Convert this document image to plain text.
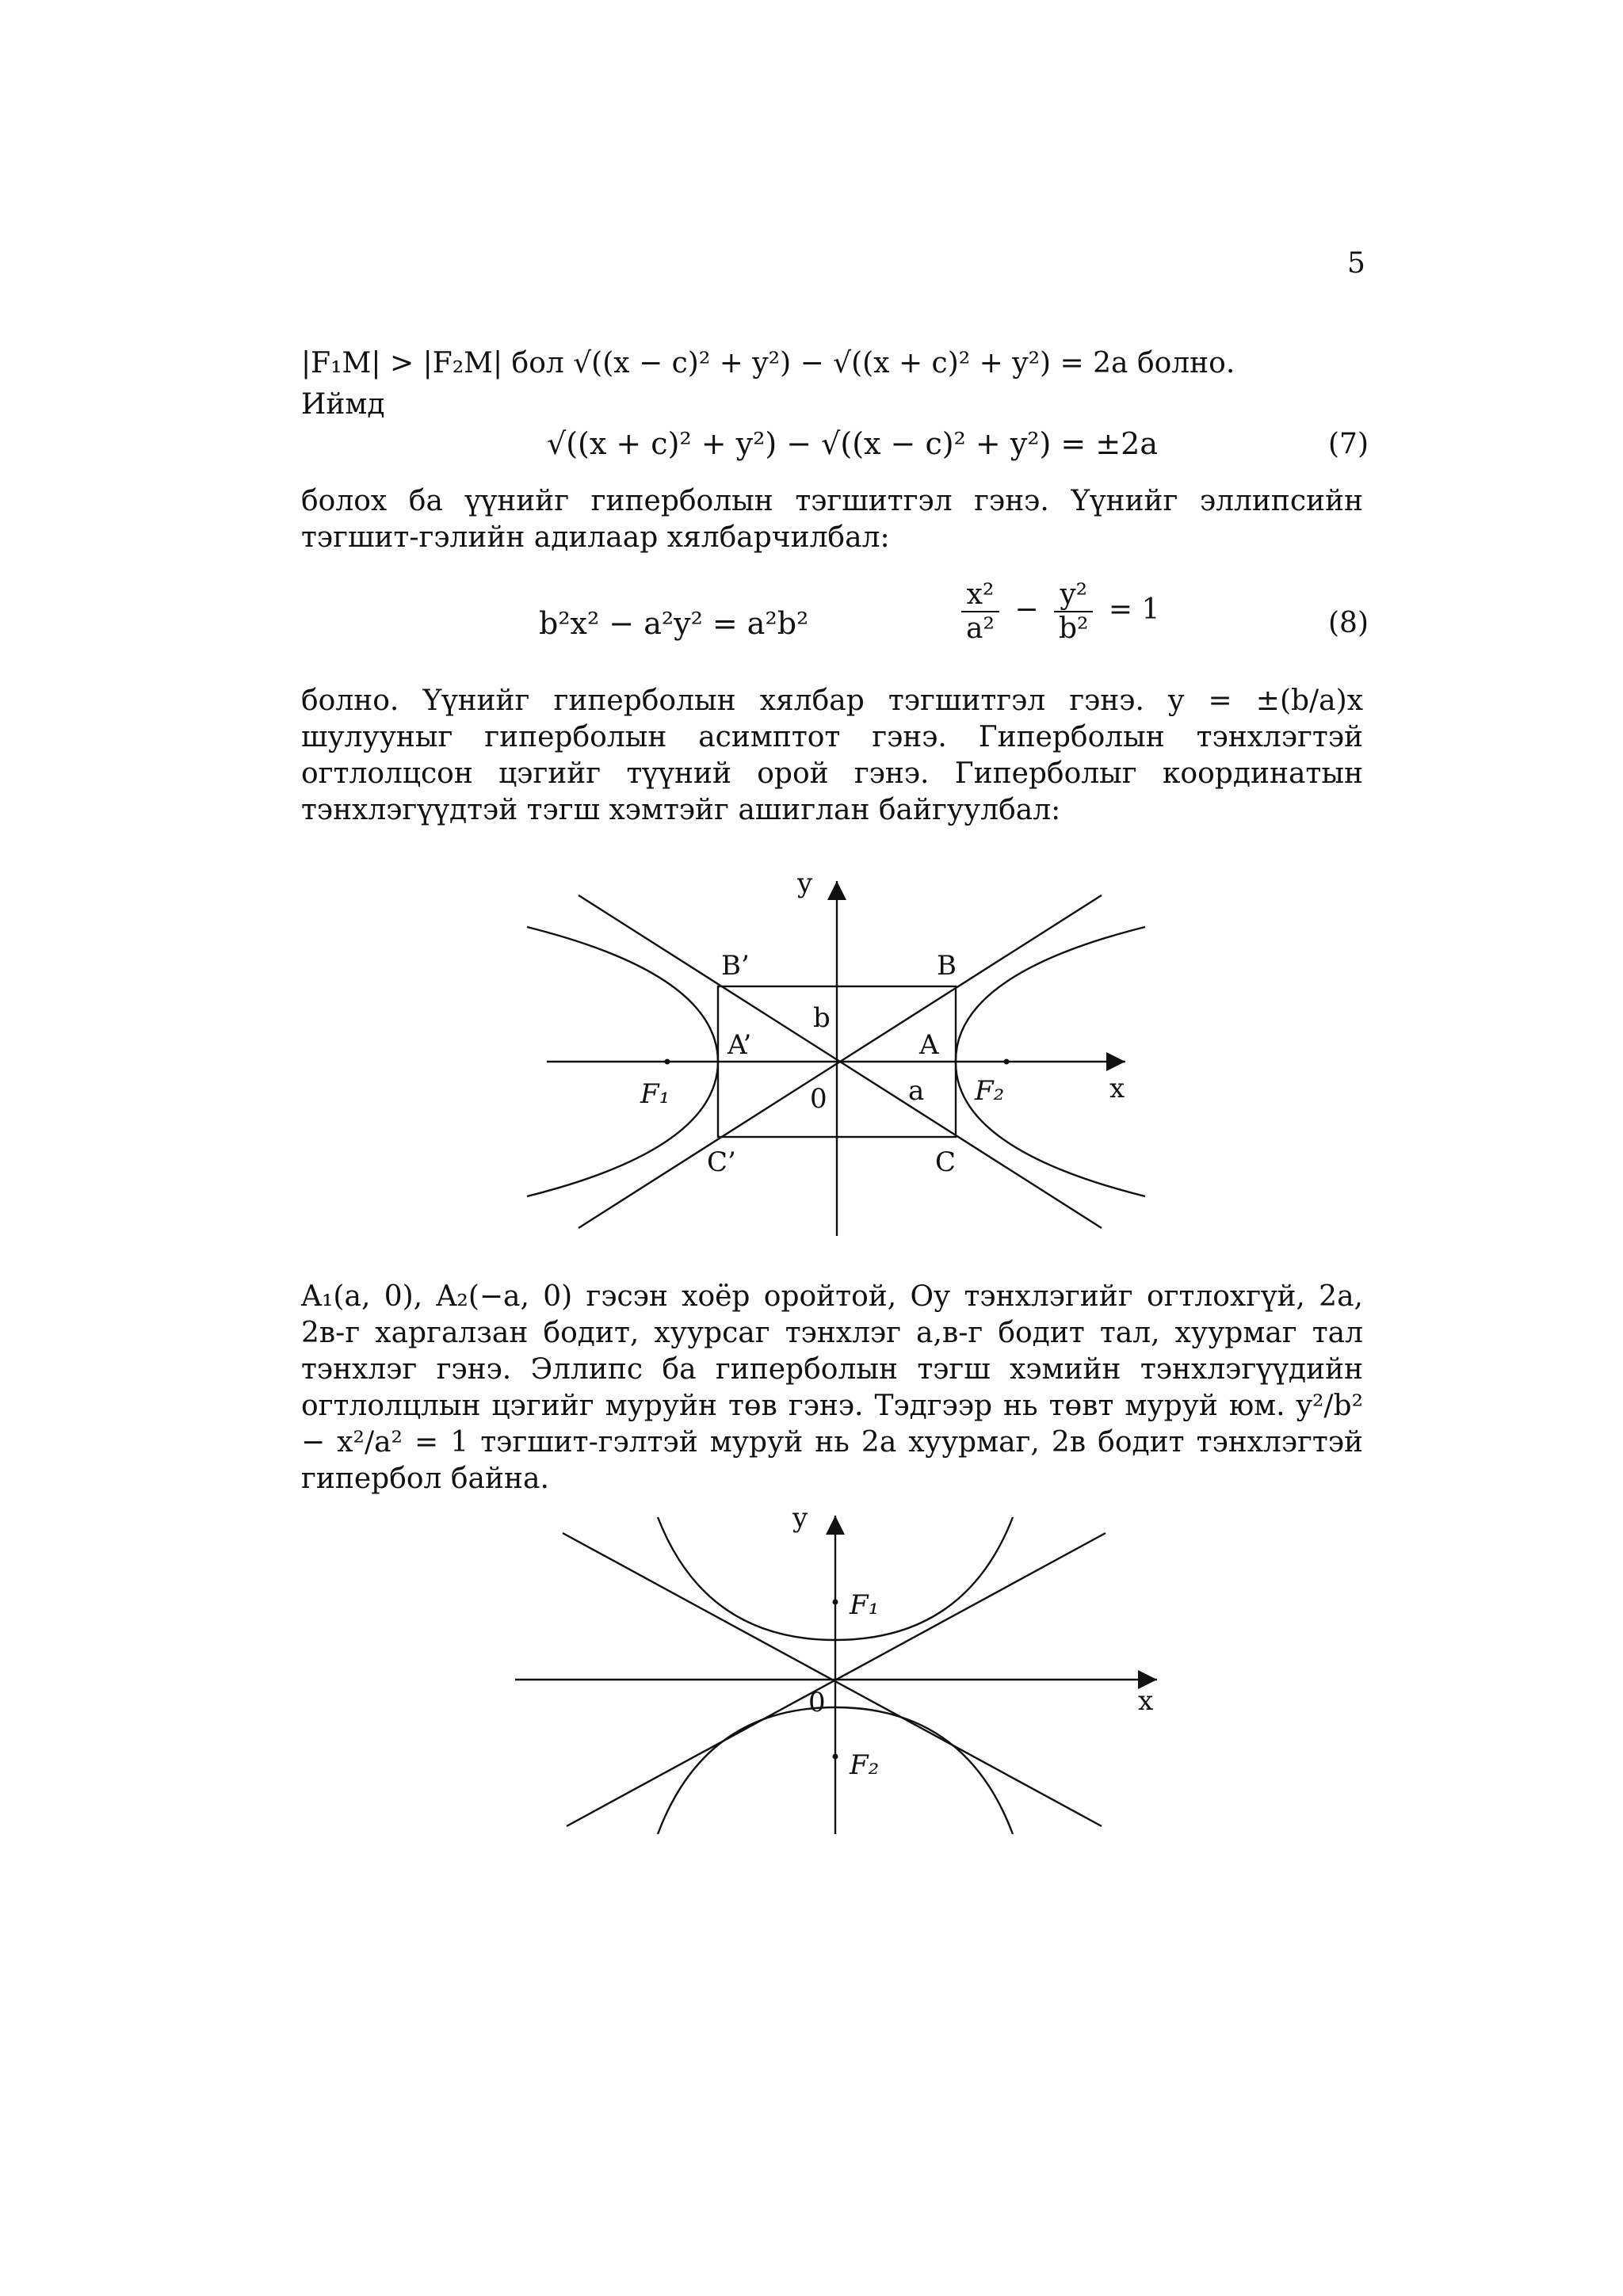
5
|F₁M| > |F₂M| бол √((x − c)² + y²) − √((x + c)² + y²) = 2a болно.
Иймд
√((x + c)² + y²) − √((x − c)² + y²) = ±2a	(7)

болох ба үүнийг гиперболын тэгшитгэл гэнэ. Үүнийг эллипсийн тэгшит-гэлийн адилаар хялбарчилбал:

b²x² − a²y² = a²b²	$\frac{\text{x²}}{\text{a²}} - \frac{\text{y²}}{\text{b²}} = 1$	(8)

болно. Үүнийг гиперболын хялбар тэгшитгэл гэнэ. y = ±(b/a)x шулууныг гиперболын асимптот гэнэ. Гиперболын тэнхлэгтэй огтлолцсон цэгийг түүний орой гэнэ. Гиперболыг координатын тэнхлэгүүдтэй тэгш хэмтэйг ашиглан байгуулбал:

y
x
B’	B
b
A’	A
F₁	F₂
0	a
C’	C

A₁(a, 0), A₂(−a, 0) гэсэн хоёр оройтой, Оу тэнхлэгийг огтлохгүй, 2а, 2в-г харгалзан бодит, хуурсаг тэнхлэг а,в-г бодит тал, хуурмаг тал тэнхлэг гэнэ. Эллипс ба гиперболын тэгш хэмийн тэнхлэгүүдийн огтлолцлын цэгийг муруйн төв гэнэ. Тэдгээр нь төвт муруй юм. y²/b² − x²/a² = 1 тэгшит-гэлтэй муруй нь 2а хуурмаг, 2в бодит тэнхлэгтэй гипербол байна.

y
x
F₁
F₂
0
